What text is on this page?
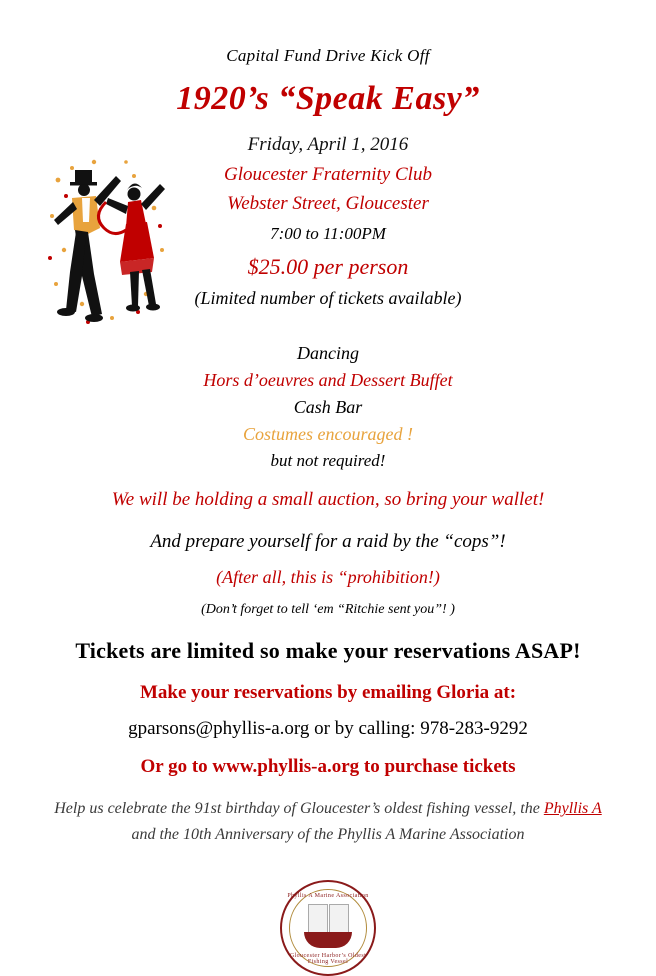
Capital Fund Drive Kick Off
1920’s “Speak Easy”
Friday, April 1, 2016
Gloucester Fraternity Club
Webster Street, Gloucester
7:00 to 11:00PM
$25.00 per person
(Limited number of tickets available)
Dancing
Hors d’oeuvres and Dessert Buffet
Cash Bar
Costumes encouraged !
but not required!
We will be holding a small auction, so bring your wallet!
And prepare yourself for a raid by the “cops”!
(After all, this is “prohibition!)
(Don’t forget to tell ‘em “Ritchie sent you”! )
Tickets are limited so make your reservations ASAP!
Make your reservations by emailing Gloria at:
gparsons@phyllis-a.org or by calling: 978-283-9292
Or go to www.phyllis-a.org to purchase tickets
Help us celebrate the 91st birthday of Gloucester’s oldest fishing vessel, the Phyllis A
and the 10th Anniversary of the Phyllis A Marine Association
Phyllis A Marine Association
Gloucester Harbor’s Oldest Fishing Vessel
